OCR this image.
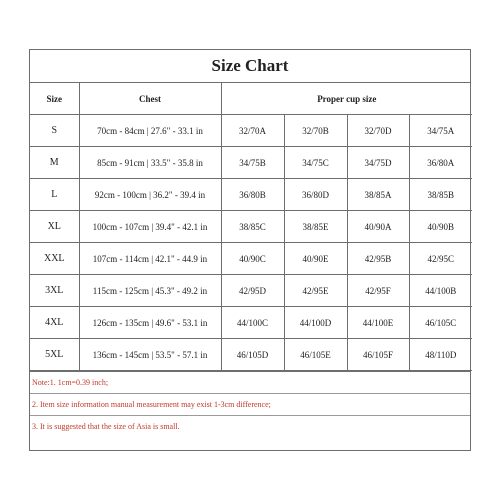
Size Chart
Size	Chest	Proper cup size			
S	70cm - 84cm | 27.6" - 33.1 in	32/70A	32/70B	32/70D	34/75A
M	85cm - 91cm | 33.5" - 35.8 in	34/75B	34/75C	34/75D	36/80A
L	92cm - 100cm | 36.2" - 39.4 in	36/80B	36/80D	38/85A	38/85B
XL	100cm - 107cm | 39.4" - 42.1 in	38/85C	38/85E	40/90A	40/90B
XXL	107cm - 114cm | 42.1" - 44.9 in	40/90C	40/90E	42/95B	42/95C
3XL	115cm - 125cm | 45.3" - 49.2 in	42/95D	42/95E	42/95F	44/100B
4XL	126cm - 135cm | 49.6" - 53.1 in	44/100C	44/100D	44/100E	46/105C
5XL	136cm - 145cm | 53.5" - 57.1 in	46/105D	46/105E	46/105F	48/110D
Note:1. 1cm=0.39 inch;
2. Item size information manual measurement may exist 1-3cm difference;
3. It is suggested that the size of Asia is small.
